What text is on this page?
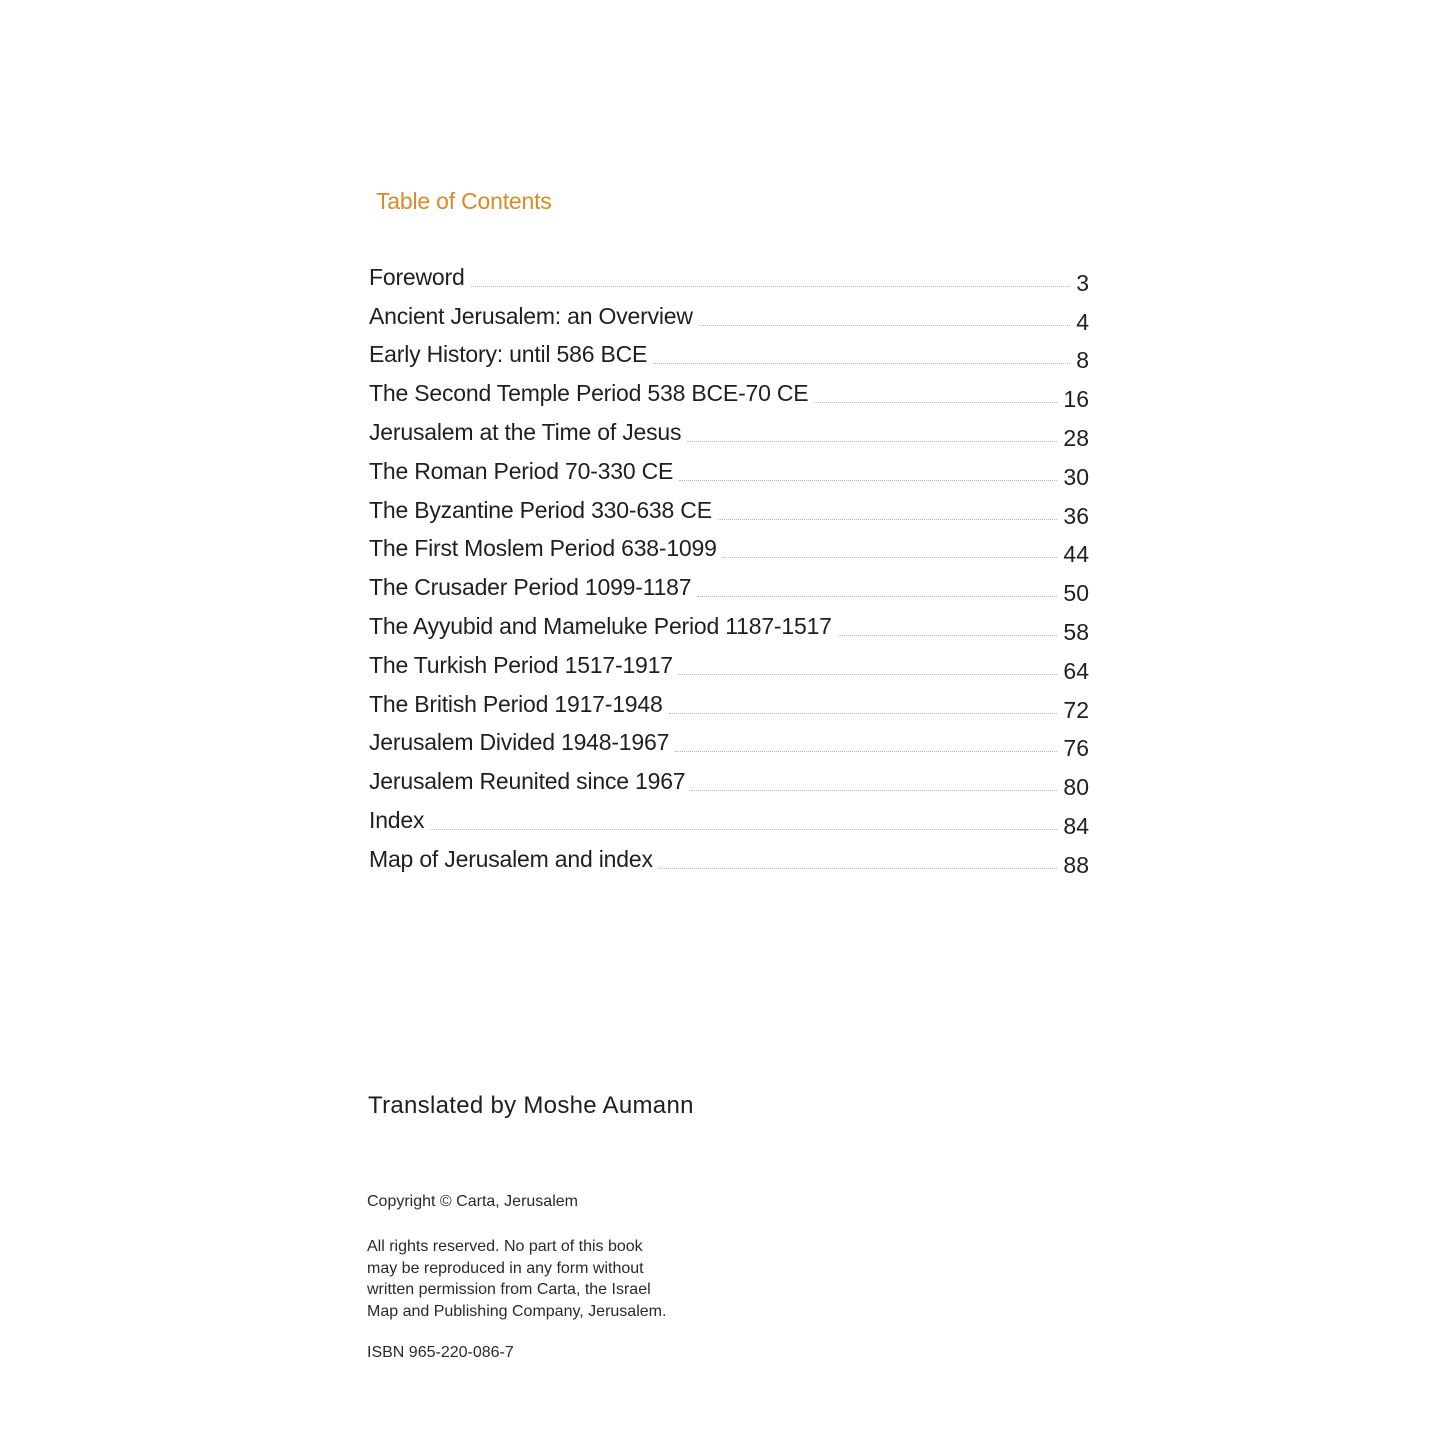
Table of Contents
Foreword	3
Ancient Jerusalem: an Overview	4
Early History: until 586 BCE	8
The Second Temple Period 538 BCE-70 CE	16
Jerusalem at the Time of Jesus	28
The Roman Period 70-330 CE	30
The Byzantine Period 330-638 CE	36
The First Moslem Period 638-1099	44
The Crusader Period 1099-1187	50
The Ayyubid and Mameluke Period 1187-1517	58
The Turkish Period 1517-1917	64
The British Period 1917-1948	72
Jerusalem Divided 1948-1967	76
Jerusalem Reunited since 1967	80
Index	84
Map of Jerusalem and index	88
Translated by Moshe Aumann
Copyright © Carta, Jerusalem
All rights reserved. No part of this book
may be reproduced in any form without
written permission from Carta, the Israel
Map and Publishing Company, Jerusalem.
ISBN 965-220-086-7
